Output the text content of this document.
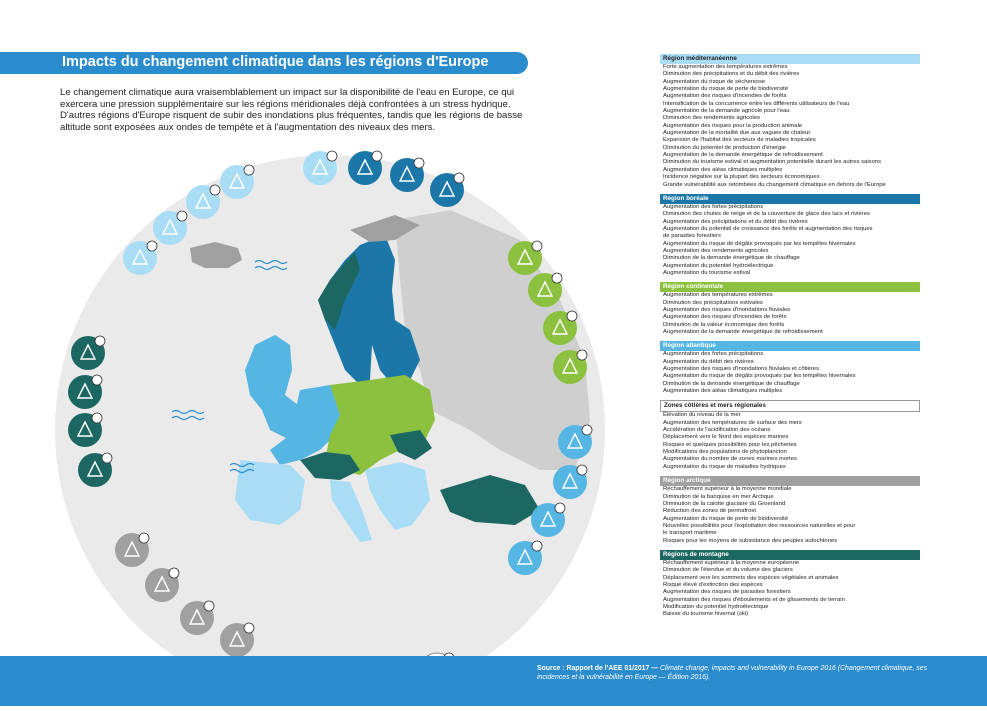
Impacts du changement climatique dans les régions d'Europe
Le changement climatique aura vraisemblablement un impact sur la disponibilité de l'eau en Europe, ce qui exercera une pression supplémentaire sur les régions méridionales déjà confrontées à un stress hydrique. D'autres régions d'Europe risquent de subir des inondations plus fréquentes, tandis que les régions de basse altitude sont exposées aux ondes de tempête et à l'augmentation des niveaux des mers.
Région méditerranéenne
Forte augmentation des températures extrêmes
Diminution des précipitations et du débit des rivières
Augmentation du risque de sécheresse
Augmentation du risque de perte de biodiversité
Augmentation des risques d'incendies de forêts
Intensification de la concurrence entre les différents utilisateurs de l'eau
Augmentation de la demande agricole pour l'eau
Diminution des rendements agricoles
Augmentation des risques pour la production animale
Augmentation de la mortalité due aux vagues de chaleur
Expansion de l'habitat des vecteurs de maladies tropicales
Diminution du potentiel de production d'énergie
Augmentation de la demande énergétique de refroidissement
Diminution du tourisme estival et augmentation potentielle durant les autres saisons
Augmentation des aléas climatiques multiples
Incidence négative sur la plupart des secteurs économiques
Grande vulnérabilité aux retombées du changement climatique en dehors de l'Europe
Région boréale
Augmentation des fortes précipitations
Diminution des chutes de neige et de la couverture de glace des lacs et rivières
Augmentation des précipitations et du débit des rivières
Augmentation du potentiel de croissance des forêts et augmentation des risques
de parasites forestiers
Augmentation du risque de dégâts provoqués par les tempêtes hivernales
Augmentation des rendements agricoles
Diminution de la demande énergétique de chauffage
Augmentation du potentiel hydroélectrique
Augmentation du tourisme estival
Région continentale
Augmentation des températures extrêmes
Diminution des précipitations estivales
Augmentation des risques d'inondations fluviales
Augmentation des risques d'incendies de forêts
Diminution de la valeur économique des forêts
Augmentation de la demande énergétique de refroidissement
Région atlantique
Augmentation des fortes précipitations
Augmentation du débit des rivières
Augmentation des risques d'inondations fluviales et côtières
Augmentation du risque de dégâts provoqués par les tempêtes hivernales
Diminution de la demande énergétique de chauffage
Augmentation des aléas climatiques multiples
Zones côtières et mers régionales
Élévation du niveau de la mer
Augmentation des températures de surface des mers
Accélération de l'acidification des océans
Déplacement vers le Nord des espèces marines
Risques et quelques possibilités pour les pêcheries
Modifications des populations de phytoplancton
Augmentation du nombre de zones marines mortes
Augmentation du risque de maladies hydriques
Région arctique
Réchauffement supérieur à la moyenne mondiale
Diminution de la banquise en mer Arctique
Diminution de la calotte glaciaire du Groenland
Réduction des zones de permafrost
Augmentation du risque de perte de biodiversité
Nouvelles possibilités pour l'exploitation des ressources naturelles et pour
le transport maritime
Risques pour les moyens de subsistance des peuples autochtones
Régions de montagne
Réchauffement supérieur à la moyenne européenne
Diminution de l'étendue et du volume des glaciers
Déplacement vers les sommets des espèces végétales et animales
Risque élevé d'extinction des espèces
Augmentation des risques de parasites forestiers
Augmentation des risques d'éboulements et de glissements de terrain
Modification du potentiel hydroélectrique
Baisse du tourisme hivernal (ski)
Source : Rapport de l'AEE 01/2017 — Climate change, impacts and vulnerability in Europe 2016 (Changement climatique, ses incidences et la vulnérabilité en Europe — Édition 2016).
